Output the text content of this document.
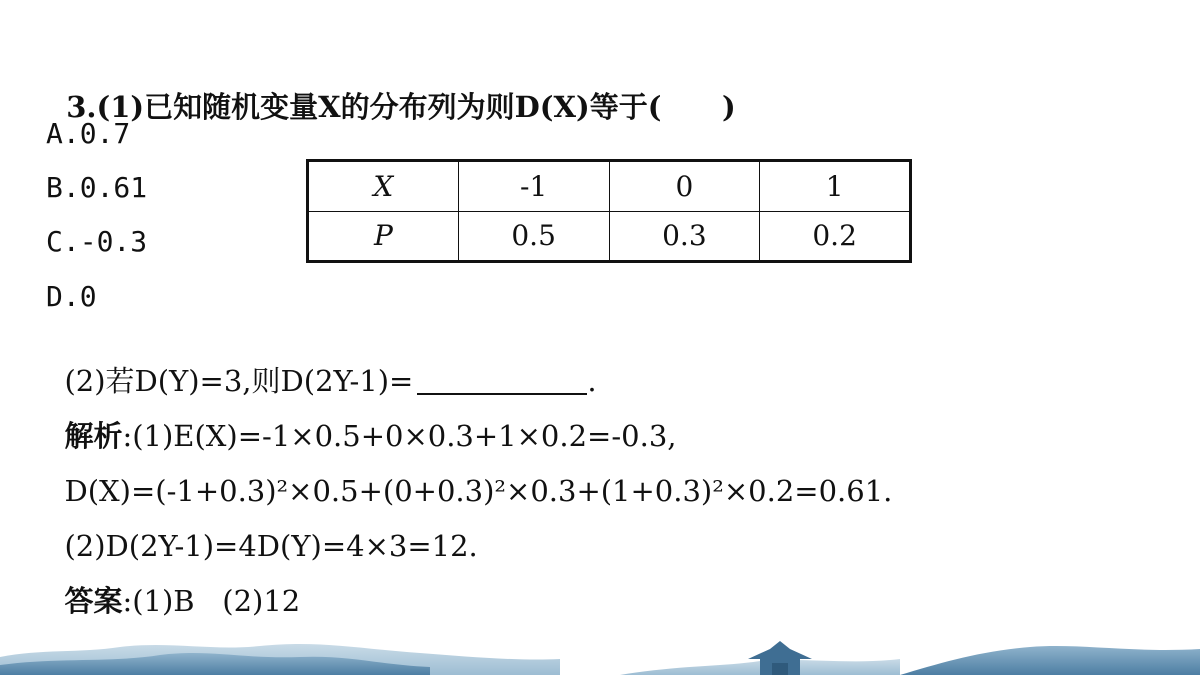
3.(1)已知随机变量X的分布列为则D(X)等于(      )

A.0.7
B.0.61
C.-0.3
D.0
X	-1	0	1
P	0.5	0.3	0.2

(2)若D(Y)=3,则D(2Y-1)=	.

解析:(1)E(X)=-1×0.5+0×0.3+1×0.2=-0.3,

D(X)=(-1+0.3)²×0.5+(0+0.3)²×0.3+(1+0.3)²×0.2=0.61.

(2)D(2Y-1)=4D(Y)=4×3=12.

答案:(1)B   (2)12
